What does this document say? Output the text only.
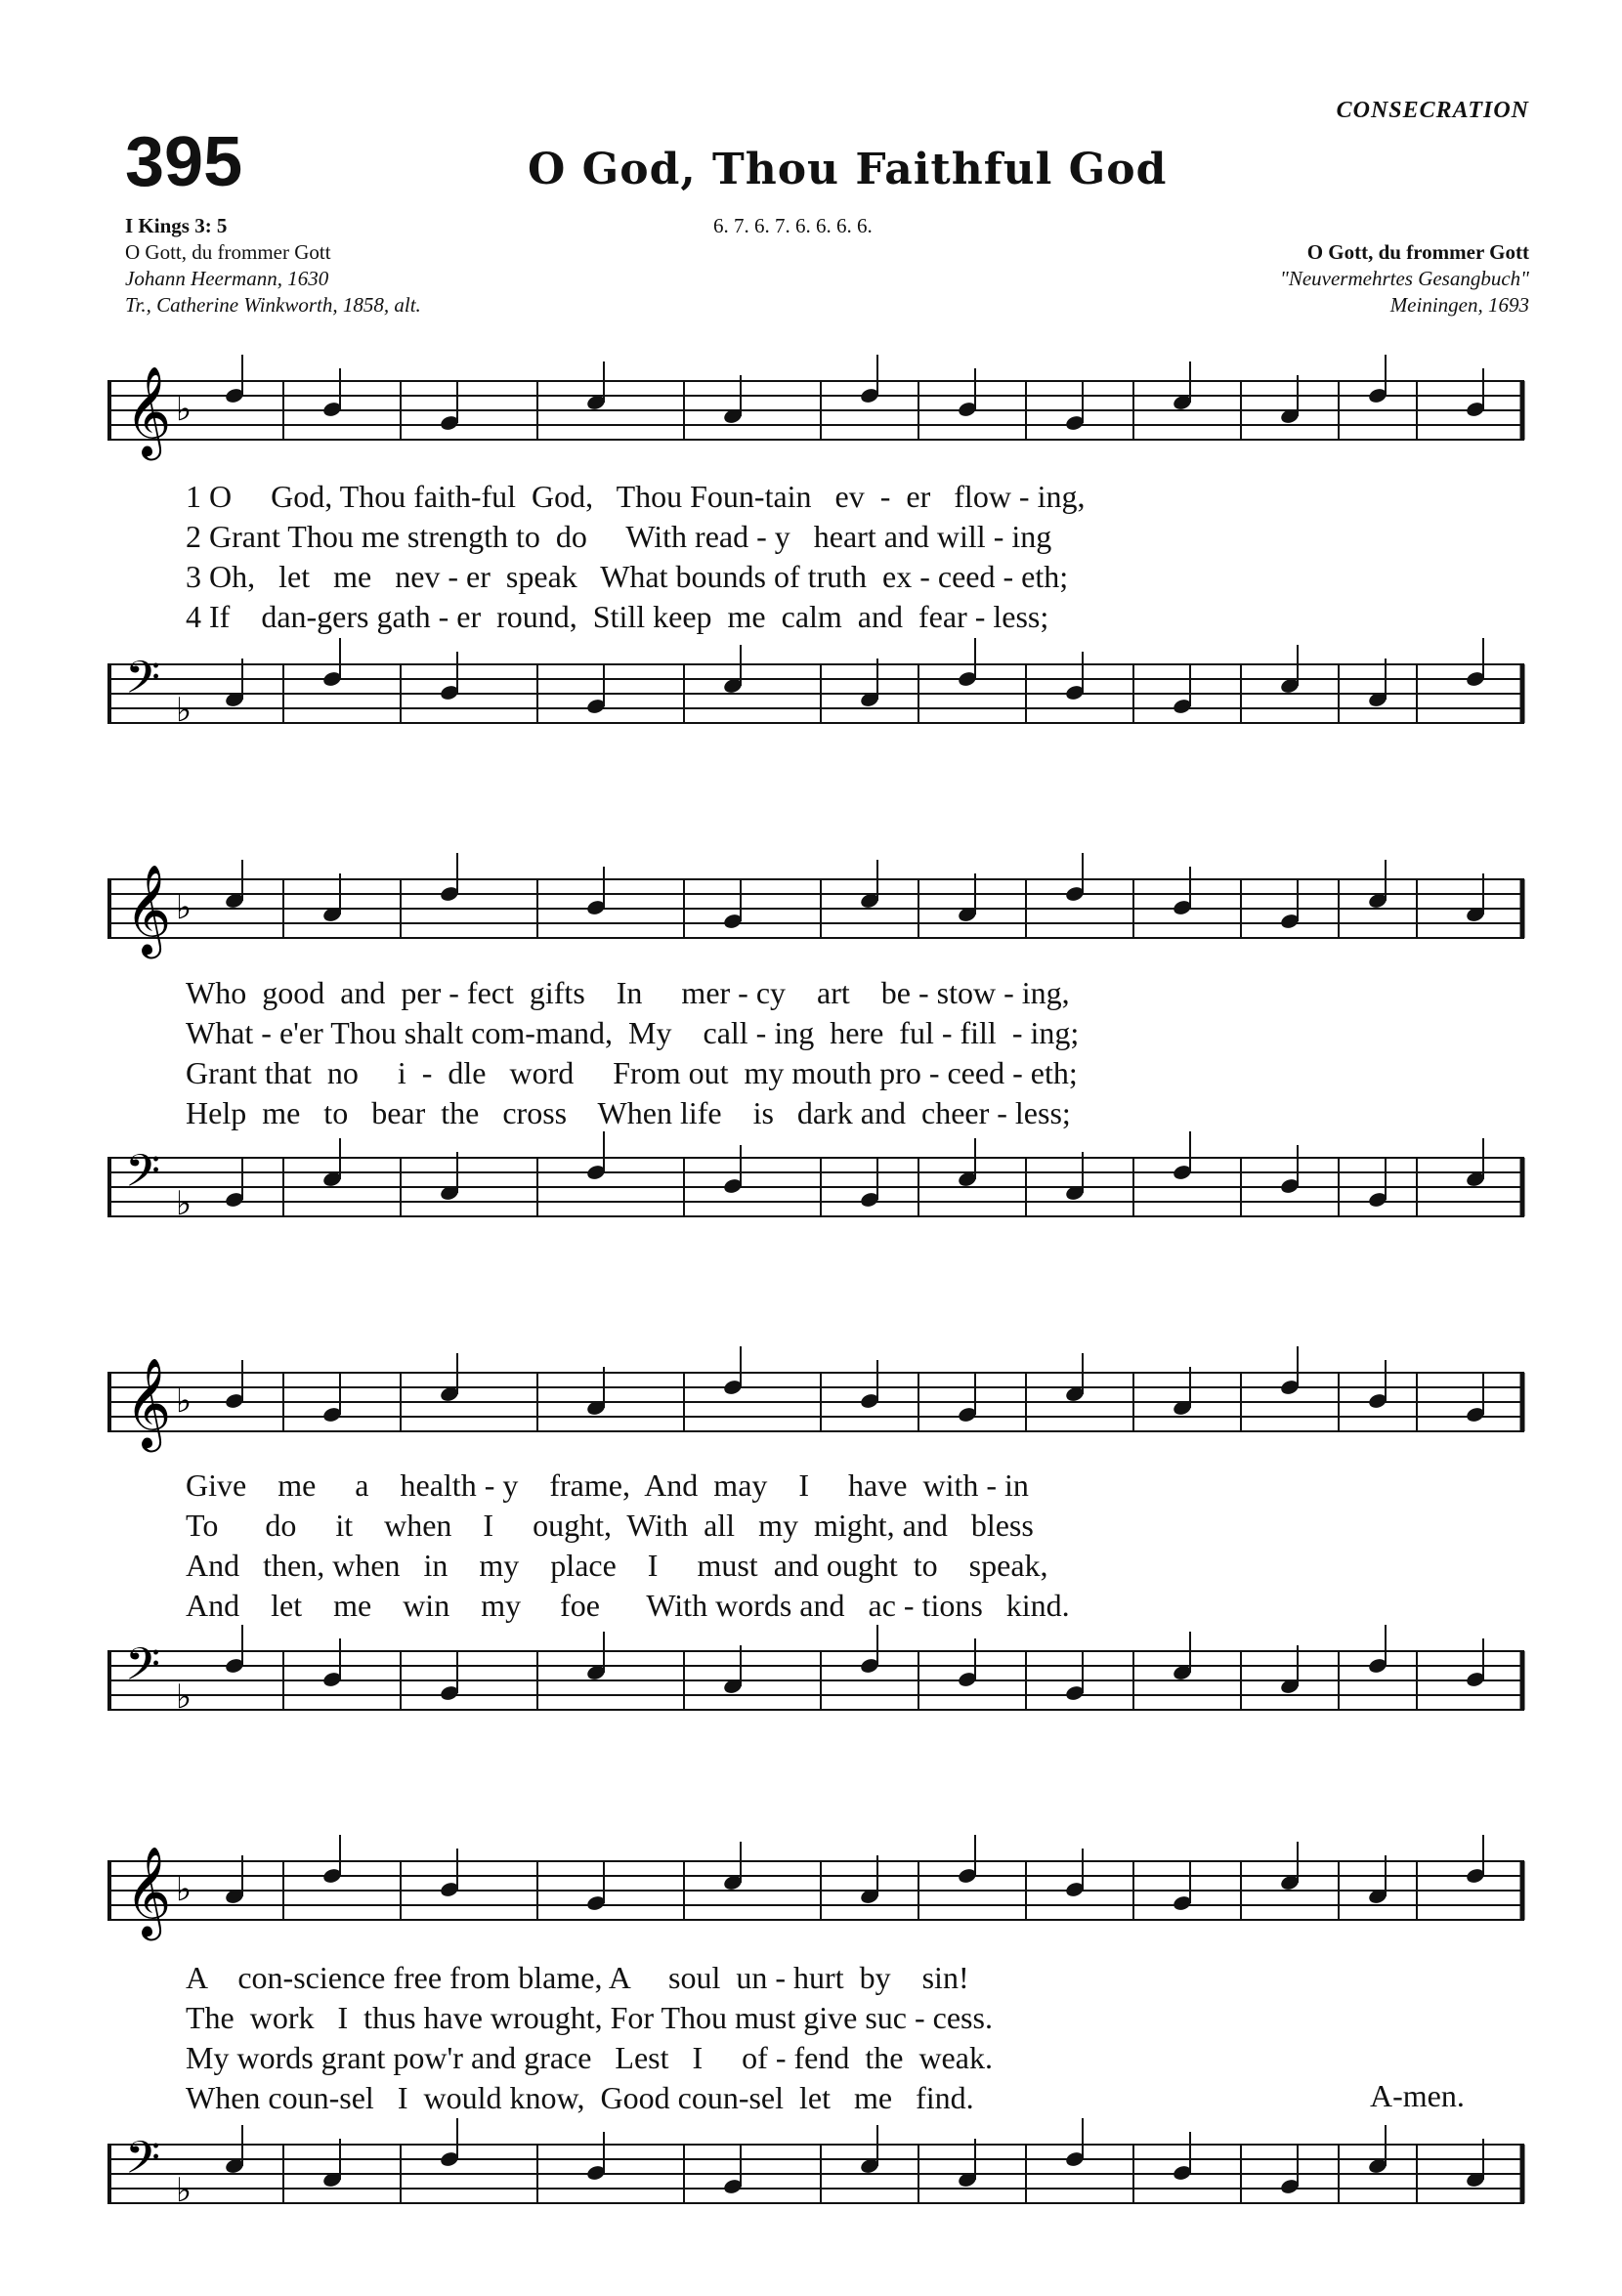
CONSECRATION
395	O God, Thou Faithful God
I Kings 3: 5
O Gott, du frommer Gott
Johann Heermann, 1630
Tr., Catherine Winkworth, 1858, alt.
6. 7. 6. 7. 6. 6. 6. 6.
O Gott, du frommer Gott
"Neuvermehrtes Gesangbuch"
Meiningen, 1693
𝄞 ♭
1 O     God, Thou faith-ful  God,   Thou Foun-tain   ev  -  er   flow - ing,
2 Grant Thou me strength to  do     With read - y   heart and will - ing
3 Oh,   let   me   nev - er  speak   What bounds of truth  ex - ceed - eth;
4 If    dan-gers gath - er  round,  Still keep  me  calm  and  fear - less;
𝄢 ♭
𝄞 ♭
Who  good  and  per - fect  gifts    In     mer - cy    art    be - stow - ing,
What - e'er Thou shalt com-mand,  My    call - ing  here  ful - fill  - ing;
Grant that  no     i  -  dle   word     From out  my mouth pro - ceed - eth;
Help  me   to   bear  the   cross    When life    is   dark and  cheer - less;
𝄢 ♭
𝄞 ♭
Give    me     a    health - y    frame,  And  may    I     have  with - in
To      do     it    when    I     ought,  With  all   my  might, and   bless
And   then, when   in    my    place    I     must  and ought  to    speak,
And    let    me    win    my     foe      With words and   ac - tions   kind.
𝄢 ♭
𝄞 ♭
A    con-science free from blame, A     soul  un - hurt  by    sin!
The  work   I  thus have wrought, For Thou must give suc - cess.
My words grant pow'r and grace   Lest   I     of - fend  the  weak.
When coun-sel   I  would know,  Good coun-sel  let   me   find.	A-men.
𝄢 ♭
